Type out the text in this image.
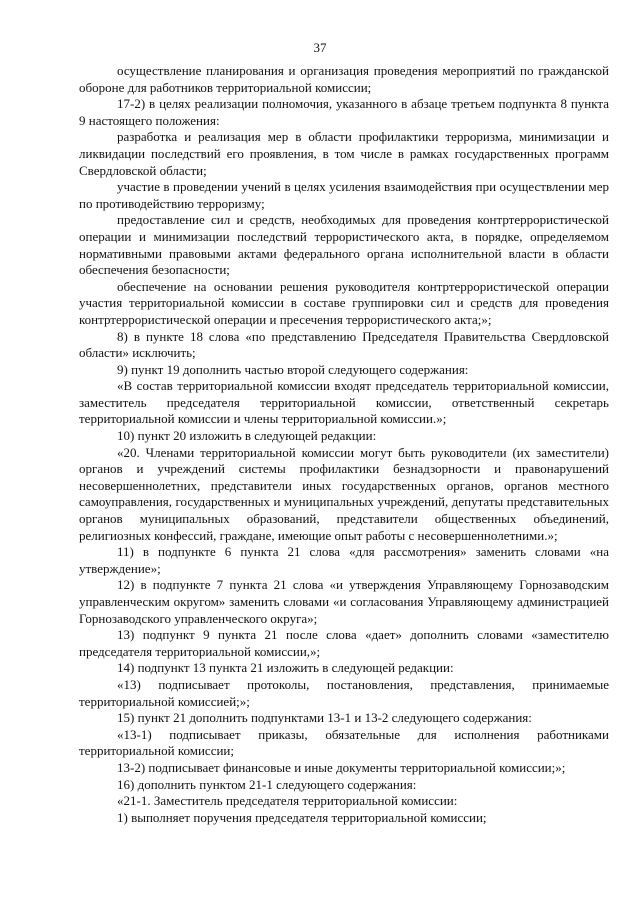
37

осуществление планирования и организация проведения мероприятий по гражданской обороне для работников территориальной комиссии;

17-2) в целях реализации полномочия, указанного в абзаце третьем подпункта 8 пункта 9 настоящего положения:

разработка и реализация мер в области профилактики терроризма, минимизации и ликвидации последствий его проявления, в том числе в рамках государственных программ Свердловской области;

участие в проведении учений в целях усиления взаимодействия при осуществлении мер по противодействию терроризму;

предоставление сил и средств, необходимых для проведения контртеррористической операции и минимизации последствий террористического акта, в порядке, определяемом нормативными правовыми актами федерального органа исполнительной власти в области обеспечения безопасности;

обеспечение на основании решения руководителя контртеррористической операции участия территориальной комиссии в составе группировки сил и средств для проведения контртеррористической операции и пресечения террористического акта;»;

8) в пункте 18 слова «по представлению Председателя Правительства Свердловской области» исключить;

9) пункт 19 дополнить частью второй следующего содержания:

«В состав территориальной комиссии входят председатель территориальной комиссии, заместитель председателя территориальной комиссии, ответственный секретарь территориальной комиссии и члены территориальной комиссии.»;

10) пункт 20 изложить в следующей редакции:

«20. Членами территориальной комиссии могут быть руководители (их заместители) органов и учреждений системы профилактики безнадзорности и правонарушений несовершеннолетних, представители иных государственных органов, органов местного самоуправления, государственных и муниципальных учреждений, депутаты представительных органов муниципальных образований, представители общественных объединений, религиозных конфессий, граждане, имеющие опыт работы с несовершеннолетними.»;

11) в подпункте 6 пункта 21 слова «для рассмотрения» заменить словами «на утверждение»;

12) в подпункте 7 пункта 21 слова «и утверждения Управляющему Горнозаводским управленческим округом» заменить словами «и согласования Управляющему администрацией Горнозаводского управленческого округа»;

13) подпункт 9 пункта 21 после слова «дает» дополнить словами «заместителю председателя территориальной комиссии,»;

14) подпункт 13 пункта 21 изложить в следующей редакции:

«13) подписывает протоколы, постановления, представления, принимаемые территориальной комиссией;»;

15) пункт 21 дополнить подпунктами 13-1 и 13-2 следующего содержания:

«13-1) подписывает приказы, обязательные для исполнения работниками территориальной комиссии;

13-2) подписывает финансовые и иные документы территориальной комиссии;»;

16) дополнить пунктом 21-1 следующего содержания:

«21-1. Заместитель председателя территориальной комиссии:

1) выполняет поручения председателя территориальной комиссии;
